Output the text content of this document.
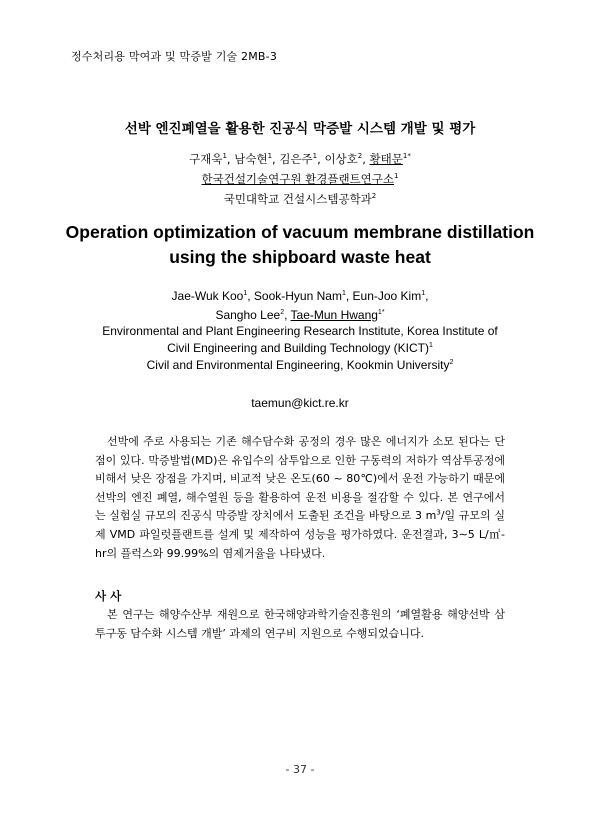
정수처리용 막여과 및 막증발 기술 2MB-3
선박 엔진폐열을 활용한 진공식 막증발 시스템 개발 및 평가
구재욱$^1$, 남숙현$^1$, 김은주$^1$, 이상호$^2$, 황태문$^{1*}$
한국건설기술연구원 환경플랜트연구소$^1$
국민대학교 건설시스템공학과$^2$
Operation optimization of vacuum membrane distillation
using the shipboard waste heat
Jae-Wuk Koo$^1$, Sook-Hyun Nam$^1$, Eun-Joo Kim$^1$,
Sangho Lee$^2$, Tae-Mun Hwang$^{1*}$
Environmental and Plant Engineering Research Institute, Korea Institute of
Civil Engineering and Building Technology (KICT)$^1$
Civil and Environmental Engineering, Kookmin University$^2$
taemun@kict.re.kr

선박에 주로 사용되는 기존 해수담수화 공정의 경우 많은 에너지가 소모 된다는 단점이 있다. 막증발법(MD)은 유입수의 삼투압으로 인한 구동력의 저하가 역삼투공정에 비해서 낮은 장점을 가지며, 비교적 낮은 온도(60 ~ 80℃)에서 운전 가능하기 때문에 선박의 엔진 폐열, 해수열원 등을 활용하여 운전 비용을 절감할 수 있다. 본 연구에서는 실험실 규모의 진공식 막증발 장치에서 도출된 조건을 바탕으로 3 $m^3/$일 규모의 실제 VMD 파일럿플랜트를 설계 및 제작하여 성능을 평가하였다. 운전결과, 3∼5 L/㎡-hr의 플럭스와 99.99%의 염제거율을 나타냈다.

사사

본 연구는 해양수산부 재원으로 한국해양과학기술진흥원의 ‘폐열활용 해양선박 삼투구동 담수화 시스템 개발’ 과제의 연구비 지원으로 수행되었습니다.

- 37 -
